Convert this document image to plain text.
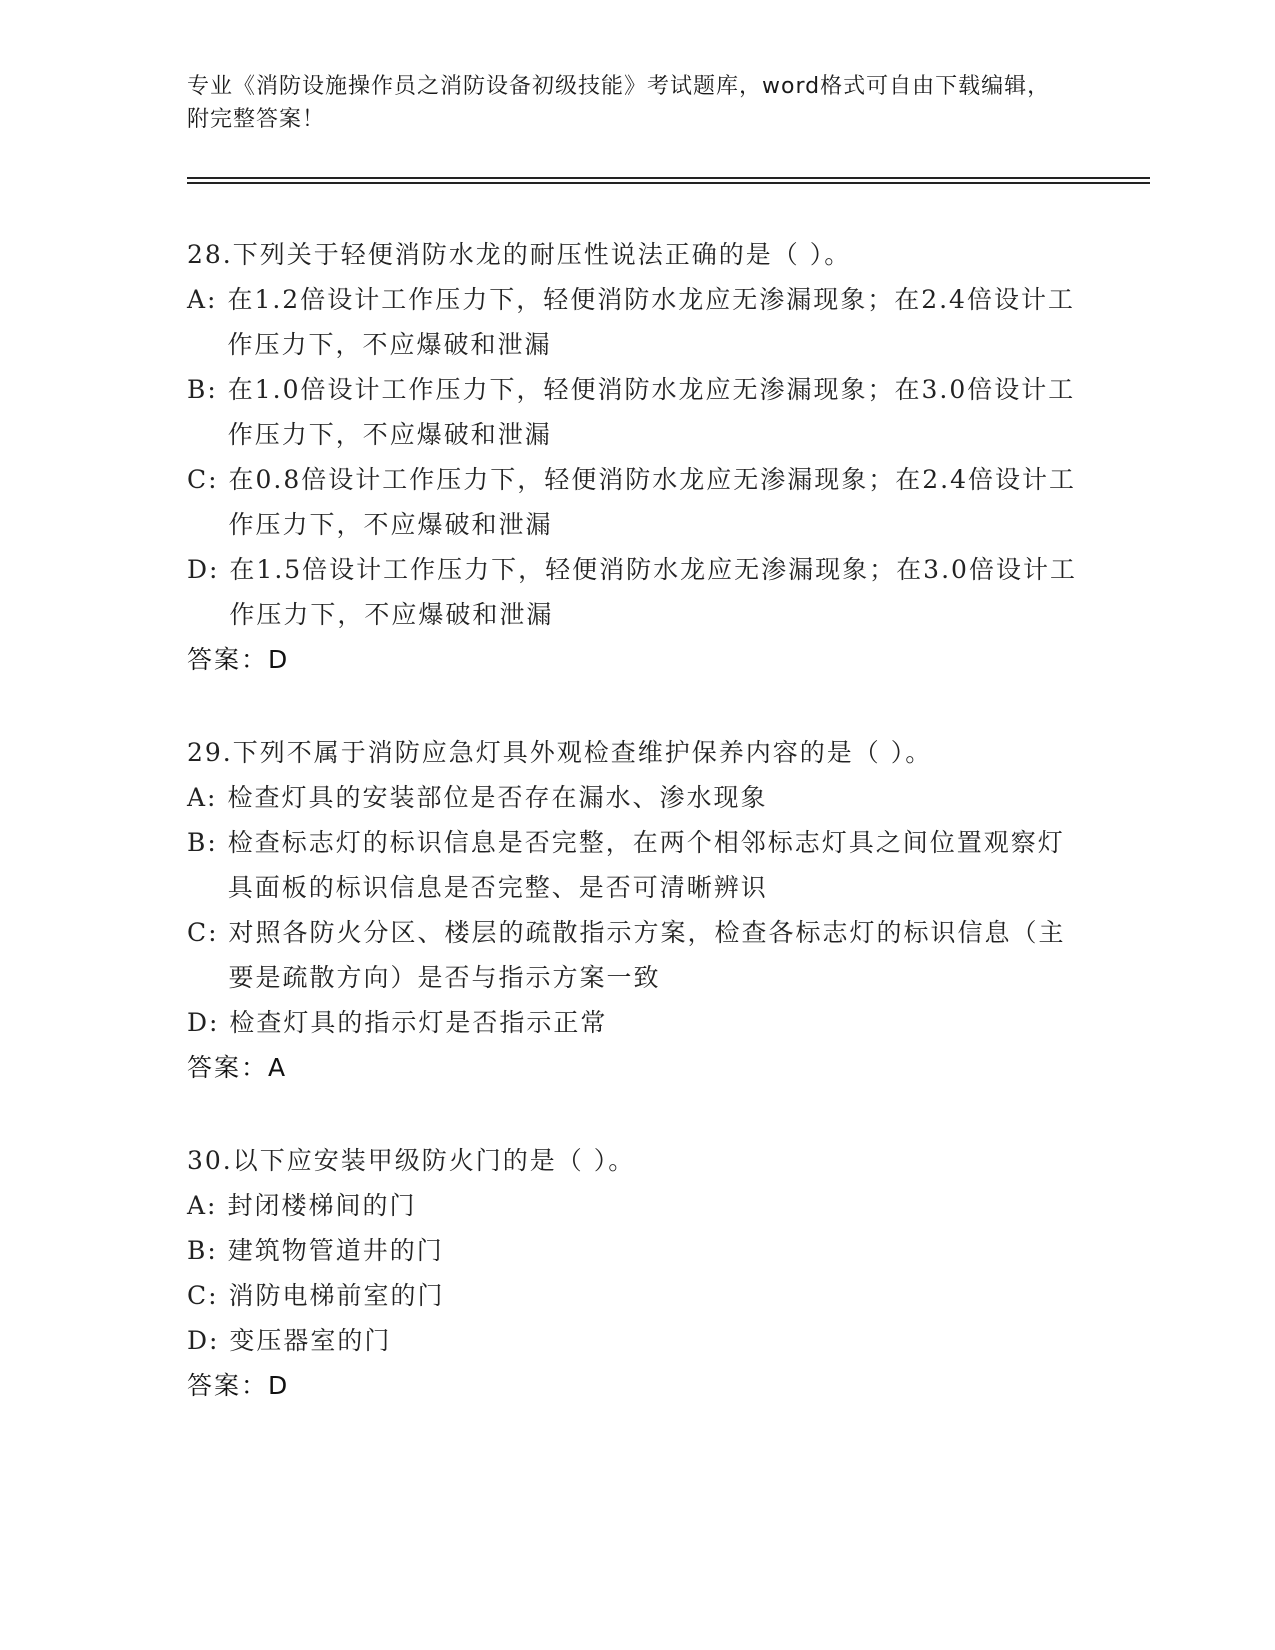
专业《消防设施操作员之消防设备初级技能》考试题库，word格式可自由下载编辑，附完整答案！

28.下列关于轻便消防水龙的耐压性说法正确的是（ ）。

A: 在1.2倍设计工作压力下，轻便消防水龙应无渗漏现象；在2.4倍设计工作压力下，不应爆破和泄漏

B: 在1.0倍设计工作压力下，轻便消防水龙应无渗漏现象；在3.0倍设计工作压力下，不应爆破和泄漏

C: 在0.8倍设计工作压力下，轻便消防水龙应无渗漏现象；在2.4倍设计工作压力下，不应爆破和泄漏

D: 在1.5倍设计工作压力下，轻便消防水龙应无渗漏现象；在3.0倍设计工作压力下，不应爆破和泄漏

答案：D

29.下列不属于消防应急灯具外观检查维护保养内容的是（ ）。

A: 检查灯具的安装部位是否存在漏水、渗水现象

B: 检查标志灯的标识信息是否完整，在两个相邻标志灯具之间位置观察灯具面板的标识信息是否完整、是否可清晰辨识

C: 对照各防火分区、楼层的疏散指示方案，检查各标志灯的标识信息（主要是疏散方向）是否与指示方案一致

D: 检查灯具的指示灯是否指示正常

答案：A

30.以下应安装甲级防火门的是（ ）。

A: 封闭楼梯间的门

B: 建筑物管道井的门

C: 消防电梯前室的门

D: 变压器室的门

答案：D
